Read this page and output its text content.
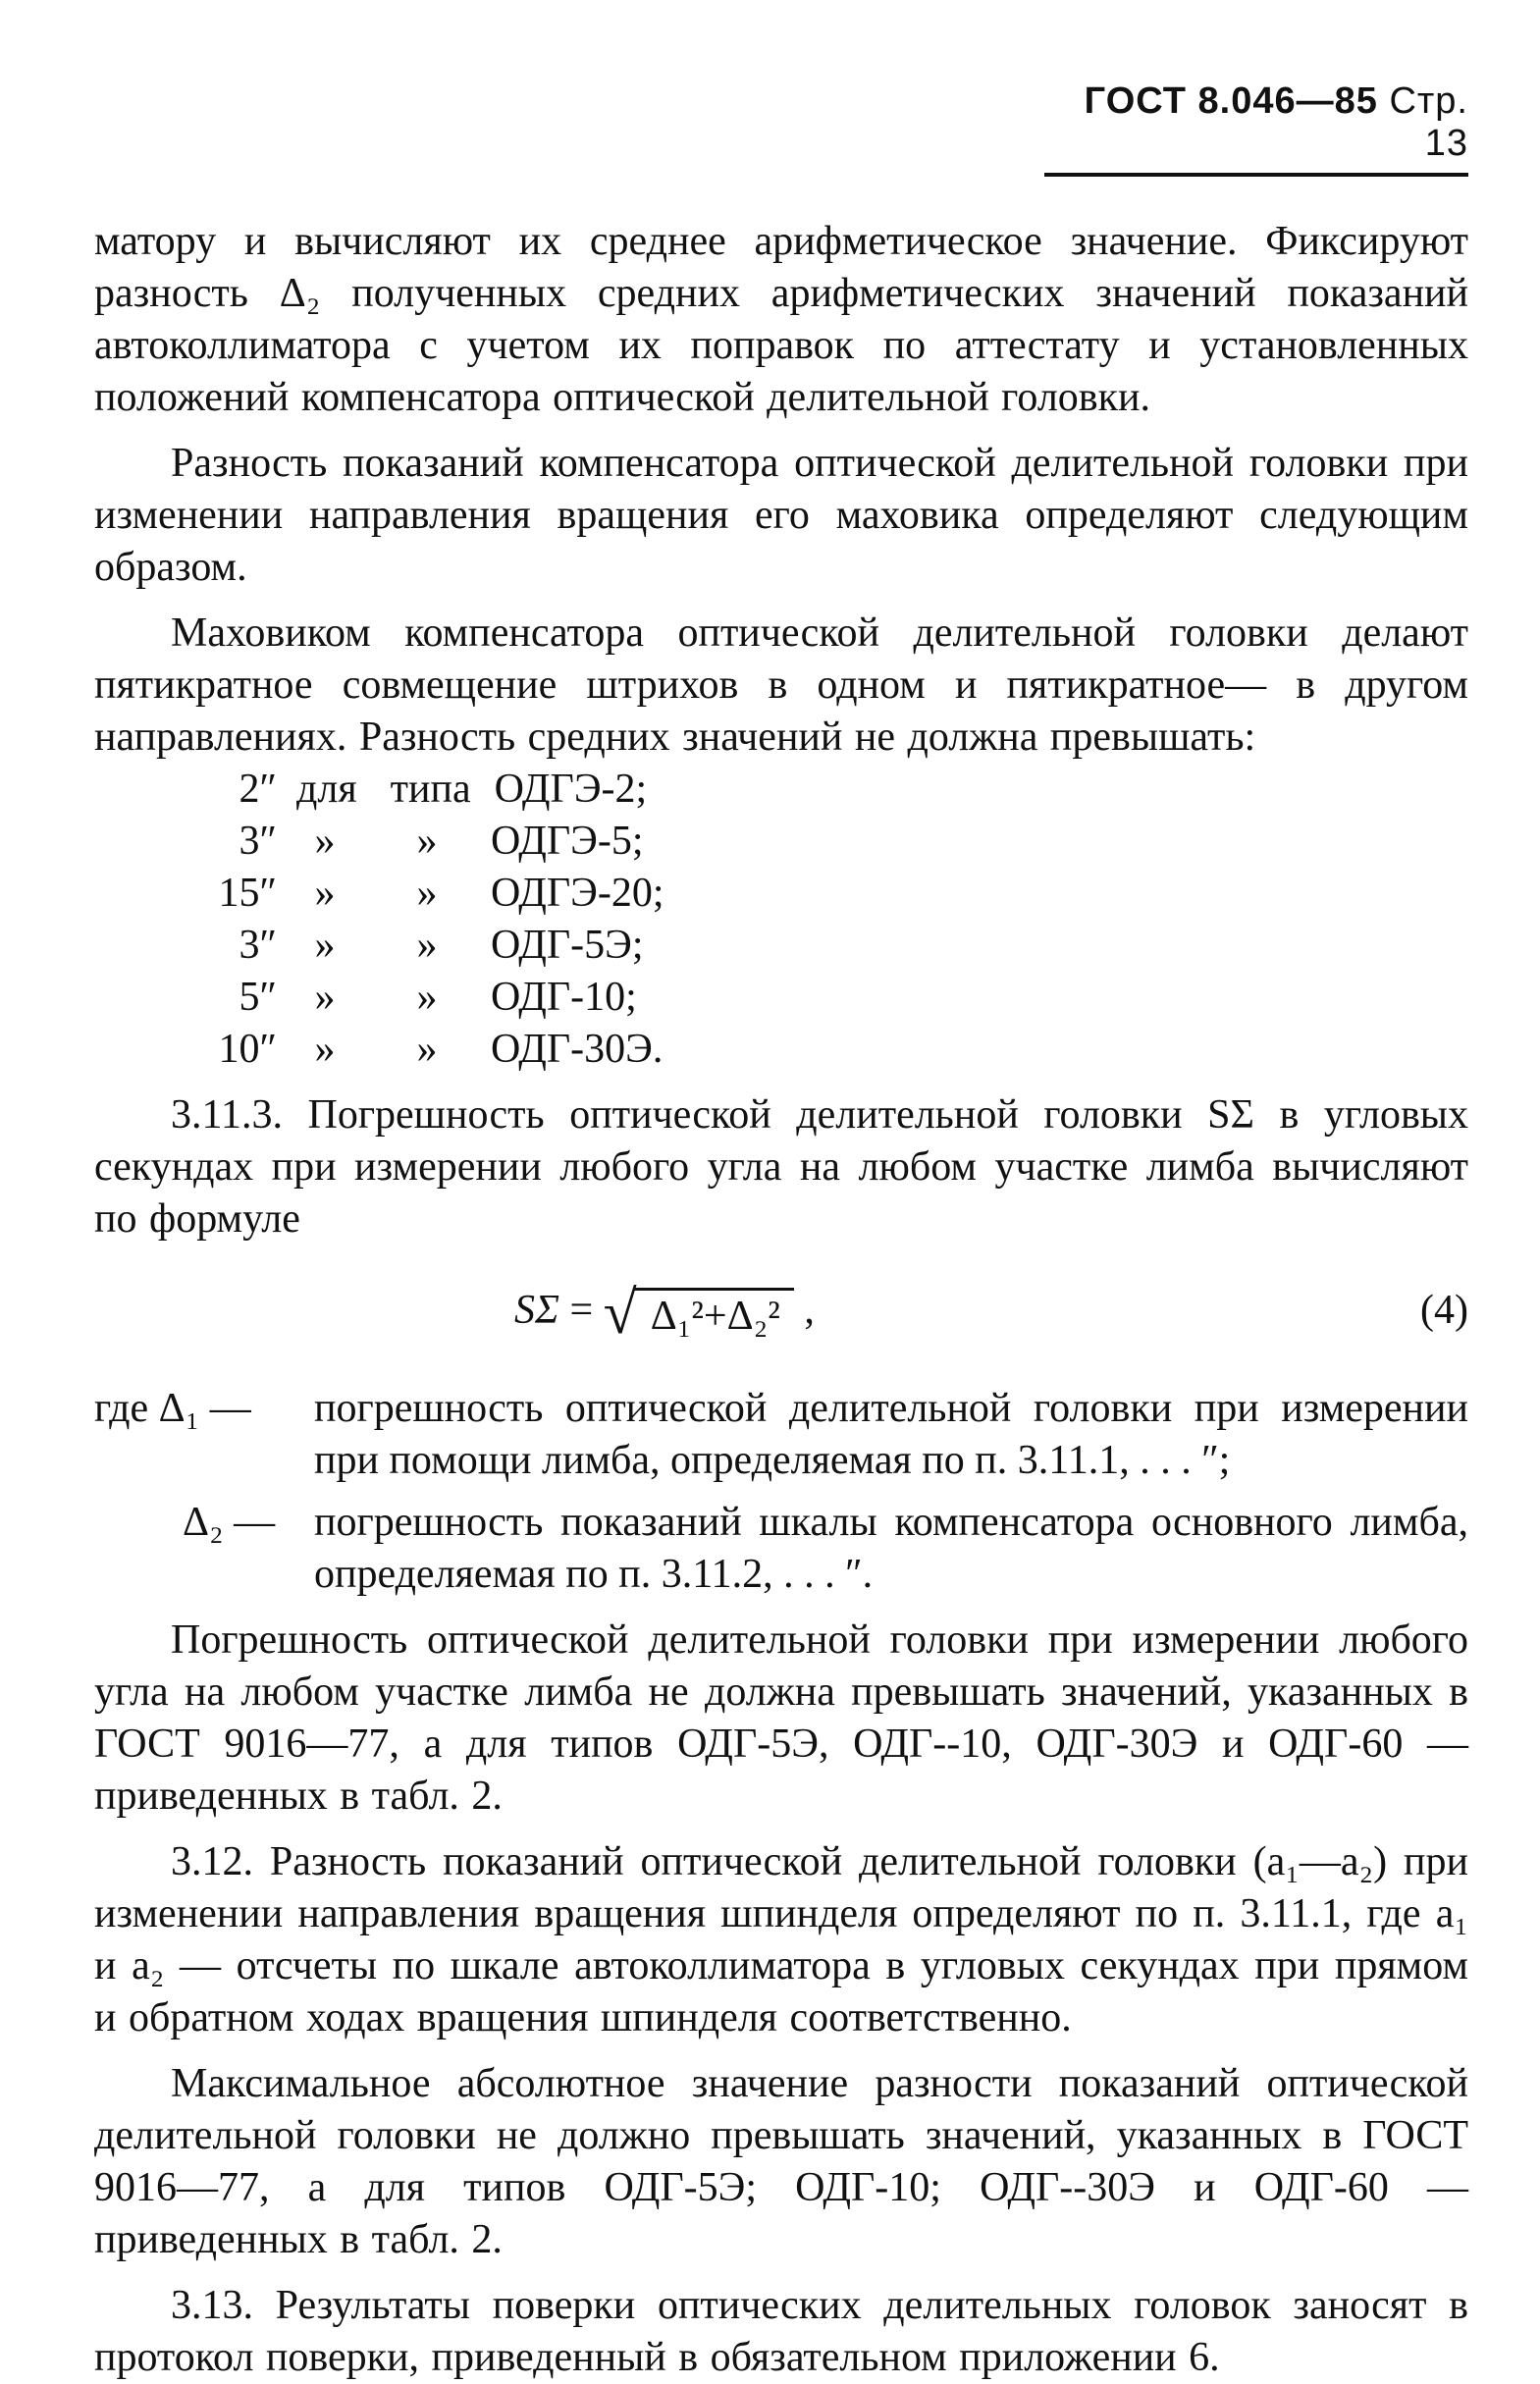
ГОСТ 8.046—85 Стр. 13

матору и вычисляют их среднее арифметическое значение. Фиксируют разность Δ₂ полученных средних арифметических значений показаний автоколлиматора с учетом их поправок по аттестату и установленных положений компенсатора оптической делительной головки.

Разность показаний компенсатора оптической делительной головки при изменении направления вращения его маховика определяют следующим образом.

Маховиком компенсатора оптической делительной головки делают пятикратное совмещение штрихов в одном и пятикратное— в другом направлениях. Разность средних значений не должна превышать:

2″ для типа ОДГЭ-2;
3″ »	»	ОДГЭ-5;
15″ »	»	ОДГЭ-20;
3″ »	»	ОДГ-5Э;
5″ »	»	ОДГ-10;
10″ »	»	ОДГ-30Э.

3.11.3. Погрешность оптической делительной головки SΣ в угловых секундах при измерении любого угла на любом участке лимба вычисляют по формуле

SΣ = √ Δ₁²+Δ₂² ,	(4)
где Δ₁ —	погрешность оптической делительной головки при измерении при помощи лимба, определяемая по п. 3.11.1, . . . ″;
Δ₂ — погрешность показаний шкалы компенсатора основного лимба, определяемая по п. 3.11.2, . . . ″.

Погрешность оптической делительной головки при измерении любого угла на любом участке лимба не должна превышать значений, указанных в ГОСТ 9016—77, а для типов ОДГ-5Э, ОДГ--10, ОДГ-30Э и ОДГ-60 — приведенных в табл. 2.

3.12. Разность показаний оптической делительной головки (a₁—a₂) при изменении направления вращения шпинделя определяют по п. 3.11.1, где a₁ и a₂ — отсчеты по шкале автоколлиматора в угловых секундах при прямом и обратном ходах вращения шпинделя соответственно.

Максимальное абсолютное значение разности показаний оптической делительной головки не должно превышать значений, указанных в ГОСТ 9016—77, а для типов ОДГ-5Э; ОДГ-10; ОДГ--30Э и ОДГ-60 — приведенных в табл. 2.

3.13. Результаты поверки оптических делительных головок заносят в протокол поверки, приведенный в обязательном приложении 6.
